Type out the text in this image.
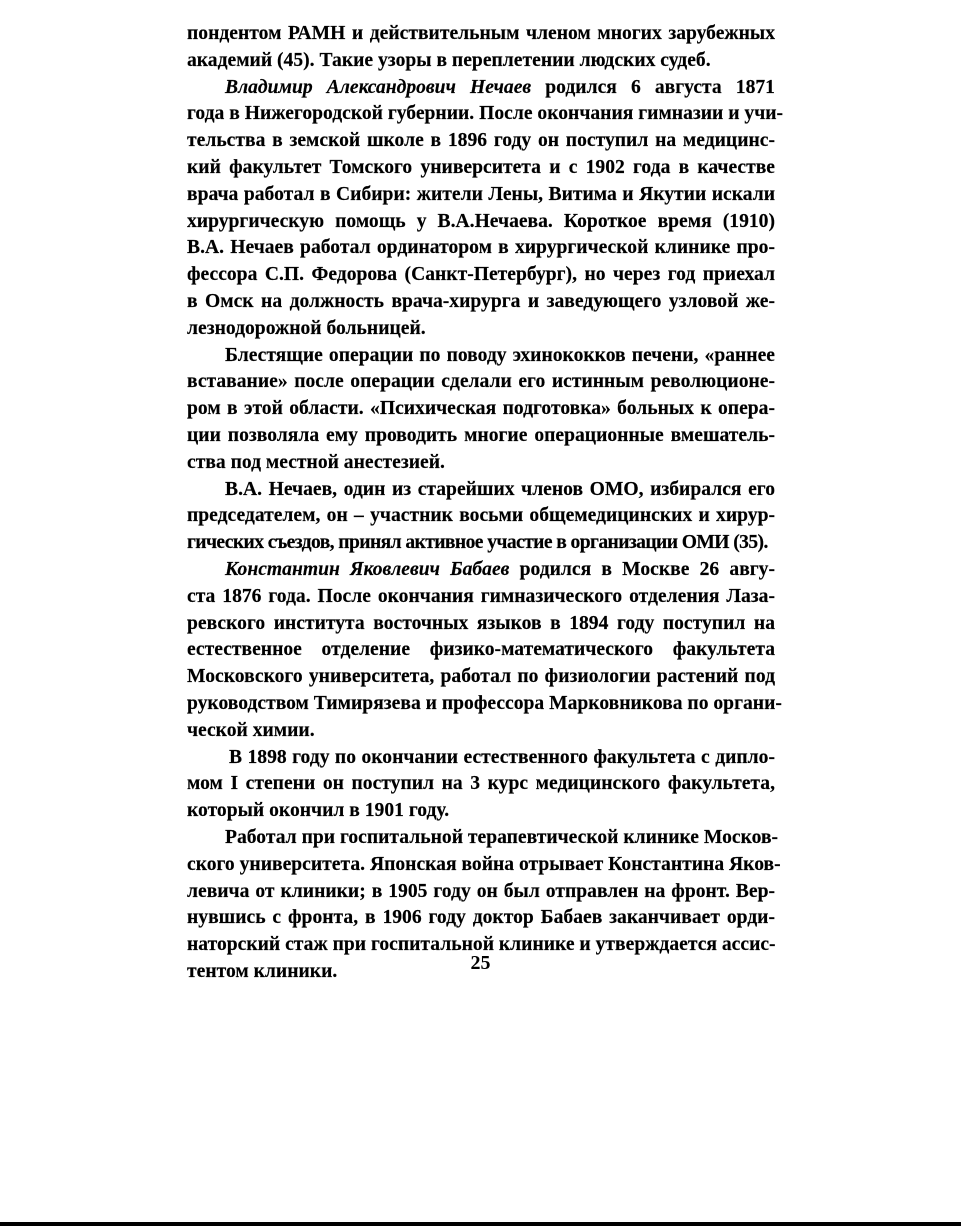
пондентом РАМН и действительным членом многих зарубежных
академий (45). Такие узоры в переплетении людских судеб.

Владимир Александрович Нечаев родился 6 августа 1871
года в Нижегородской губернии. После окончания гимназии и учи-
тельства в земской школе в 1896 году он поступил на медицинс-
кий факультет Томского университета и с 1902 года в качестве
врача работал в Сибири: жители Лены, Витима и Якутии искали
хирургическую помощь у В.А.Нечаева. Короткое время (1910)
В.А. Нечаев работал ординатором в хирургической клинике про-
фессора С.П. Федорова (Санкт-Петербург), но через год приехал
в Омск на должность врача-хирурга и заведующего узловой же-
лезнодорожной больницей.

Блестящие операции по поводу эхинококков печени, «раннее
вставание» после операции сделали его истинным революционе-
ром в этой области. «Психическая подготовка» больных к опера-
ции позволяла ему проводить многие операционные вмешатель-
ства под местной анестезией.

В.А. Нечаев, один из старейших членов ОМО, избирался его
председателем, он – участник восьми общемедицинских и хирур-
гических съездов, принял активное участие в организации ОМИ (35).

Константин Яковлевич Бабаев родился в Москве 26 авгу-
ста 1876 года. После окончания гимназического отделения Лаза-
ревского института восточных языков в 1894 году поступил на
естественное отделение физико-математического факультета
Московского университета, работал по физиологии растений под
руководством Тимирязева и профессора Марковникова по органи-
ческой химии.

В 1898 году по окончании естественного факультета с дипло-
мом I степени он поступил на 3 курс медицинского факультета,
который окончил в 1901 году.

Работал при госпитальной терапевтической клинике Москов-
ского университета. Японская война отрывает Константина Яков-
левича от клиники; в 1905 году он был отправлен на фронт. Вер-
нувшись с фронта, в 1906 году доктор Бабаев заканчивает орди-
наторский стаж при госпитальной клинике и утверждается ассис-
тентом клиники.	25
